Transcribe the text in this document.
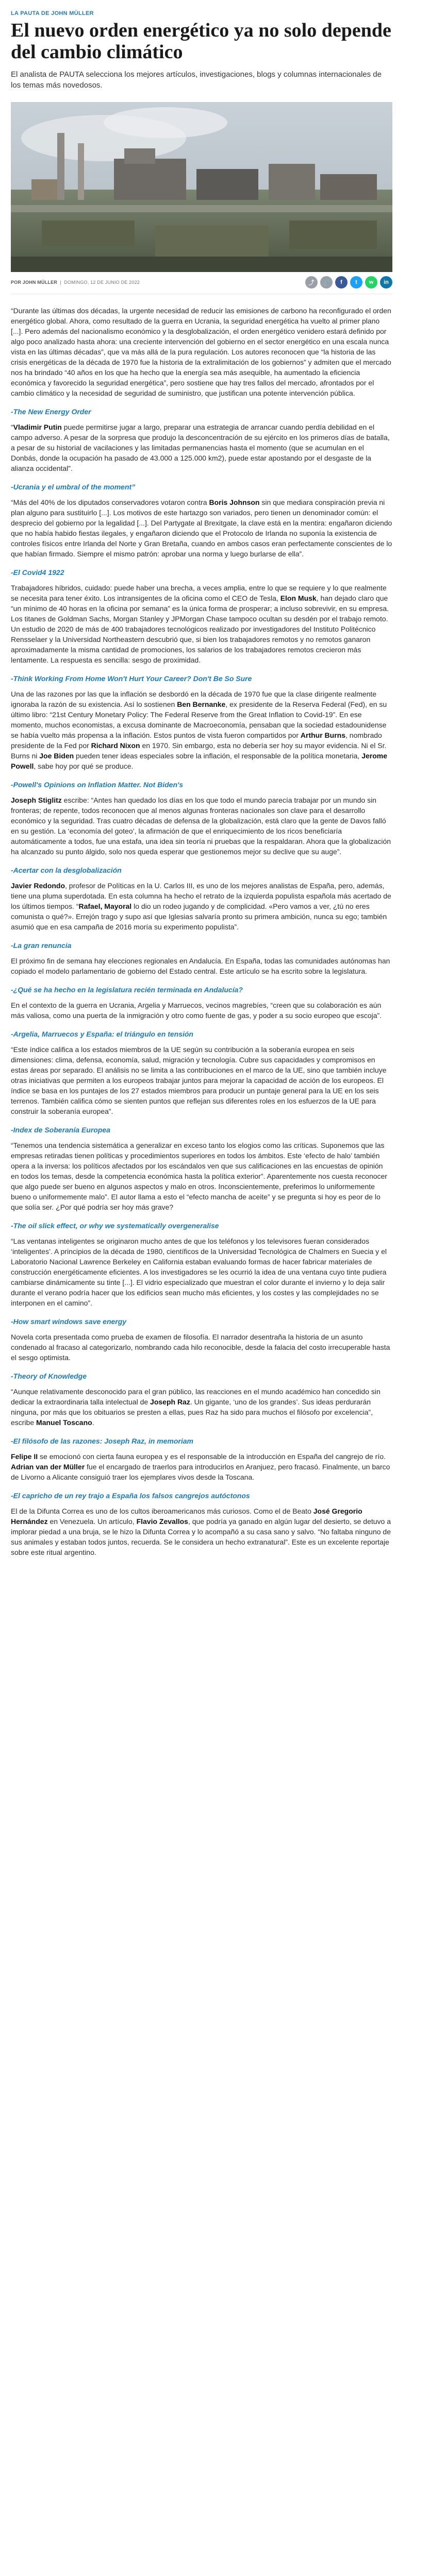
LA PAUTA DE JOHN MÜLLER
El nuevo orden energético ya no solo depende del cambio climático

El analista de PAUTA selecciona los mejores artículos, investigaciones, blogs y columnas internacionales de los temas más novedosos.

POR JOHN MÜLLER  |  DOMINGO, 12 DE JUNIO DE 2022	⤴	🔗	f	t	w	in

“Durante las últimas dos décadas, la urgente necesidad de reducir las emisiones de carbono ha reconfigurado el orden energético global. Ahora, como resultado de la guerra en Ucrania, la seguridad energética ha vuelto al primer plano [...]. Pero además del nacionalismo económico y la desglobalización, el orden energético venidero estará definido por algo poco analizado hasta ahora: una creciente intervención del gobierno en el sector energético en una escala nunca vista en las últimas décadas”, que va más allá de la pura regulación. Los autores reconocen que “la historia de las crisis energéticas de la década de 1970 fue la historia de la extralimitación de los gobiernos” y admiten que el mercado nos ha brindado “40 años en los que ha hecho que la energía sea más asequible, ha aumentado la eficiencia económica y favorecido la seguridad energética”, pero sostiene que hay tres fallos del mercado, afrontados por el cambio climático y la necesidad de seguridad de suministro, que justifican una potente intervención pública.

-The New Energy Order

“Vladimir Putin puede permitirse jugar a largo, preparar una estrategia de arrancar cuando perdía debilidad en el campo adverso. A pesar de la sorpresa que produjo la desconcentración de su ejército en los primeros días de batalla, a pesar de su historial de vacilaciones y las limitadas permanencias hasta el momento (que se acumulan en el Donbás, donde la ocupación ha pasado de 43.000 a 125.000 km2), puede estar apostando por el desgaste de la alianza occidental”.

-Ucrania y el umbral of the moment”

“Más del 40% de los diputados conservadores votaron contra Boris Johnson sin que mediara conspiración previa ni plan alguno para sustituirlo [...]. Los motivos de este hartazgo son variados, pero tienen un denominador común: el desprecio del gobierno por la legalidad [...]. Del Partygate al Brexitgate, la clave está en la mentira: engañaron diciendo que no había habido fiestas ilegales, y engañaron diciendo que el Protocolo de Irlanda no suponía la existencia de controles físicos entre Irlanda del Norte y Gran Bretaña, cuando en ambos casos eran perfectamente conscientes de lo que habían firmado. Siempre el mismo patrón: aprobar una norma y luego burlarse de ella”.

-El Covid4 1922

Trabajadores híbridos, cuidado: puede haber una brecha, a veces amplia, entre lo que se requiere y lo que realmente se necesita para tener éxito. Los intransigentes de la oficina como el CEO de Tesla, Elon Musk, han dejado claro que “un mínimo de 40 horas en la oficina por semana” es la única forma de prosperar; a incluso sobrevivir, en su empresa. Los titanes de Goldman Sachs, Morgan Stanley y JPMorgan Chase tampoco ocultan su desdén por el trabajo remoto. Un estudio de 2020 de más de 400 trabajadores tecnológicos realizado por investigadores del Instituto Politécnico Rensselaer y la Universidad Northeastern descubrió que, si bien los trabajadores remotos y no remotos ganaron aproximadamente la misma cantidad de promociones, los salarios de los trabajadores remotos crecieron más lentamente. La respuesta es sencilla: sesgo de proximidad.

-Think Working From Home Won't Hurt Your Career? Don't Be So Sure

Una de las razones por las que la inflación se desbordó en la década de 1970 fue que la clase dirigente realmente ignoraba la razón de su existencia. Así lo sostienen Ben Bernanke, ex presidente de la Reserva Federal (Fed), en su último libro: “21st Century Monetary Policy: The Federal Reserve from the Great Inflation to Covid-19”. En ese momento, muchos economistas, a excusa dominante de Macroeconomía, pensaban que la sociedad estadounidense se había vuelto más propensa a la inflación. Estos puntos de vista fueron compartidos por Arthur Burns, nombrado presidente de la Fed por Richard Nixon en 1970. Sin embargo, esta no debería ser hoy su mayor evidencia. Ni el Sr. Burns ni Joe Biden pueden tener ideas especiales sobre la inflación, el responsable de la política monetaria, Jerome Powell, sabe hoy por qué se produce.

-Powell's Opinions on Inflation Matter. Not Biden's

Joseph Stiglitz escribe: “Antes han quedado los días en los que todo el mundo parecía trabajar por un mundo sin fronteras; de repente, todos reconocen que al menos algunas fronteras nacionales son clave para el desarrollo económico y la seguridad. Tras cuatro décadas de defensa de la globalización, está claro que la gente de Davos falló en su gestión. La ‘economía del goteo’, la afirmación de que el enriquecimiento de los ricos beneficiaría automáticamente a todos, fue una estafa, una idea sin teoría ni pruebas que la respaldaran. Ahora que la globalización ha alcanzado su punto álgido, solo nos queda esperar que gestionemos mejor su declive que su auge”.

-Acertar con la desglobalización

Javier Redondo, profesor de Políticas en la U. Carlos III, es uno de los mejores analistas de España, pero, además, tiene una pluma superdotada. En esta columna ha hecho el retrato de la izquierda populista española más acertado de los últimos tiempos. “Rafael, Mayoral lo dio un rodeo jugando y de complicidad. «Pero vamos a ver, ¿tú no eres comunista o qué?». Errejón trago y supo así que Iglesias salvaría pronto su primera ambición, nunca su ego; también asumió que en esa campaña de 2016 moría su experimento populista”.

-La gran renuncia

El próximo fin de semana hay elecciones regionales en Andalucía. En España, todas las comunidades autónomas han copiado el modelo parlamentario de gobierno del Estado central. Este artículo se ha escrito sobre la legislatura.

-¿Qué se ha hecho en la legislatura recién terminada en Andalucía?

En el contexto de la guerra en Ucrania, Argelia y Marruecos, vecinos magrebíes, “creen que su colaboración es aún más valiosa, como una puerta de la inmigración y otro como fuente de gas, y poder a su socio europeo que escoja”.

-Argelia, Marruecos y España: el triángulo en tensión

“Este índice califica a los estados miembros de la UE según su contribución a la soberanía europea en seis dimensiones: clima, defensa, economía, salud, migración y tecnología. Cubre sus capacidades y compromisos en estas áreas por separado. El análisis no se limita a las contribuciones en el marco de la UE, sino que también incluye otras iniciativas que permiten a los europeos trabajar juntos para mejorar la capacidad de acción de los europeos. El índice se basa en los puntajes de los 27 estados miembros para producir un puntaje general para la UE en los seis terrenos. También califica cómo se sienten puntos que reflejan sus diferentes roles en los esfuerzos de la UE para construir la soberanía europea”.

-Index de Soberanía Europea

“Tenemos una tendencia sistemática a generalizar en exceso tanto los elogios como las críticas. Suponemos que las empresas retiradas tienen políticas y procedimientos superiores en todos los ámbitos. Este ‘efecto de halo’ también opera a la inversa: los políticos afectados por los escándalos ven que sus calificaciones en las encuestas de opinión en todos los temas, desde la competencia económica hasta la política exterior”. Aparentemente nos cuesta reconocer que algo puede ser bueno en algunos aspectos y malo en otros. Inconscientemente, preferimos lo uniformemente bueno o uniformemente malo”. El autor llama a esto el “efecto mancha de aceite” y se pregunta si hoy es peor de lo que solía ser. ¿Por qué podría ser hoy más grave?

-The oil slick effect, or why we systematically overgeneralise

“Las ventanas inteligentes se originaron mucho antes de que los teléfonos y los televisores fueran considerados ‘inteligentes’. A principios de la década de 1980, científicos de la Universidad Tecnológica de Chalmers en Suecia y el Laboratorio Nacional Lawrence Berkeley en California estaban evaluando formas de hacer fabricar materiales de construcción energéticamente eficientes. A los investigadores se les ocurrió la idea de una ventana cuyo tinte pudiera cambiarse dinámicamente su tinte [...]. El vidrio especializado que muestran el color durante el invierno y lo deja salir durante el verano podría hacer que los edificios sean mucho más eficientes, y los costes y las complejidades no se interponen en el camino”.

-How smart windows save energy

Novela corta presentada como prueba de examen de filosofía. El narrador desentraña la historia de un asunto condenado al fracaso al categorizarlo, nombrando cada hilo reconocible, desde la falacia del costo irrecuperable hasta el sesgo optimista.

-Theory of Knowledge

“Aunque relativamente desconocido para el gran público, las reacciones en el mundo académico han concedido sin dedicar la extraordinaria talla intelectual de Joseph Raz. Un gigante, ‘uno de los grandes’. Sus ideas perdurarán ninguna, por más que los obituarios se presten a ellas, pues Raz ha sido para muchos el filósofo por excelencia”, escribe Manuel Toscano.

-El filósofo de las razones: Joseph Raz, in memoriam

Felipe II se emocionó con cierta fauna europea y es el responsable de la introducción en España del cangrejo de río. Adrian van der Müller fue el encargado de traerlos para introducirlos en Aranjuez, pero fracasó. Finalmente, un barco de Livorno a Alicante consiguió traer los ejemplares vivos desde la Toscana.

-El capricho de un rey trajo a España los falsos cangrejos autóctonos

El de la Difunta Correa es uno de los cultos iberoamericanos más curiosos. Como el de Beato José Gregorio Hernández en Venezuela. Un artículo, Flavio Zevallos, que podría ya ganado en algún lugar del desierto, se detuvo a implorar piedad a una bruja, se le hizo la Difunta Correa y lo acompañó a su casa sano y salvo. “No faltaba ninguno de sus animales y estaban todos juntos, recuerda. Se le considera un hecho extranatural”. Este es un excelente reportaje sobre este ritual argentino.
